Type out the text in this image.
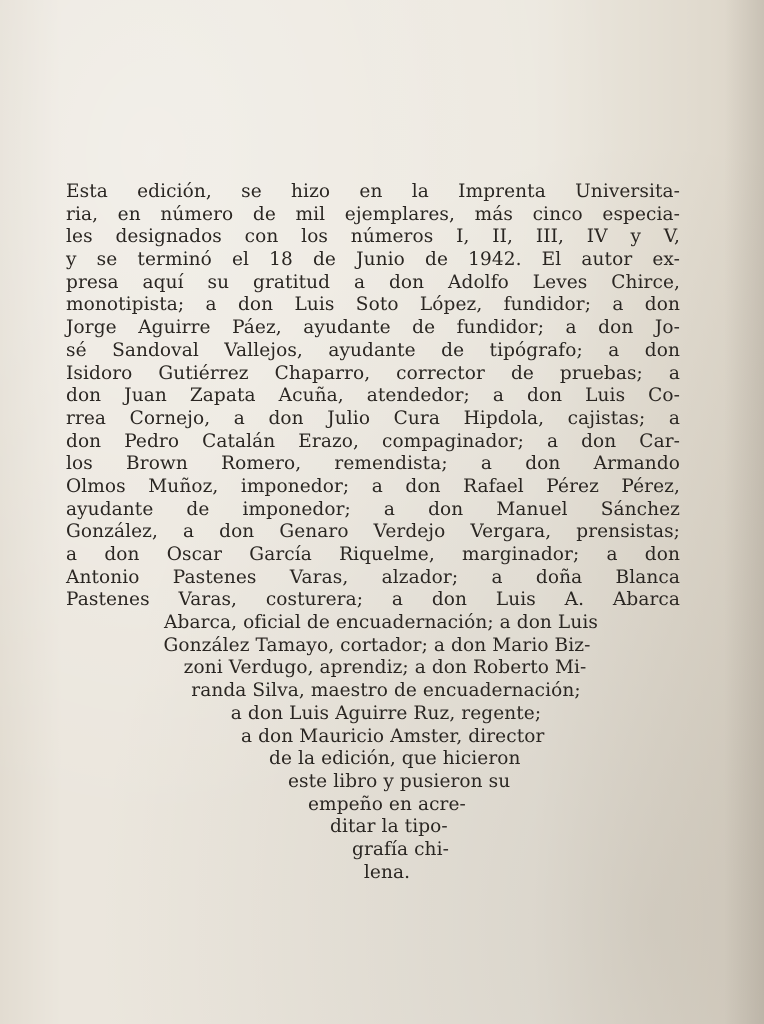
Esta edición, se hizo en la Imprenta Universita-
ria, en número de mil ejemplares, más cinco especia-
les designados con los números I, II, III, IV y V,
y se terminó el 18 de Junio de 1942. El autor ex-
presa aquí su gratitud a don Adolfo Leves Chirce,
monotipista; a don Luis Soto López, fundidor; a don
Jorge Aguirre Páez, ayudante de fundidor; a don Jo-
sé Sandoval Vallejos, ayudante de tipógrafo; a don
Isidoro Gutiérrez Chaparro, corrector de pruebas; a
don Juan Zapata Acuña, atendedor; a don Luis Co-
rrea Cornejo, a don Julio Cura Hipdola, cajistas; a
don Pedro Catalán Erazo, compaginador; a don Car-
los Brown Romero, remendista; a don Armando
Olmos Muñoz, imponedor; a don Rafael Pérez Pérez,
ayudante de imponedor; a don Manuel Sánchez
González, a don Genaro Verdejo Vergara, prensistas;
a don Oscar García Riquelme, marginador; a don
Antonio Pastenes Varas, alzador; a doña Blanca
Pastenes Varas, costurera; a don Luis A. Abarca
Abarca, oficial de encuadernación; a don Luis
González Tamayo, cortador; a don Mario Biz-
zoni Verdugo, aprendiz; a don Roberto Mi-
randa Silva, maestro de encuadernación;
a don Luis Aguirre Ruz, regente;
a don Mauricio Amster, director
de la edición, que hicieron
este libro y pusieron su
empeño en acre-
ditar la tipo-
grafía chi-
lena.
